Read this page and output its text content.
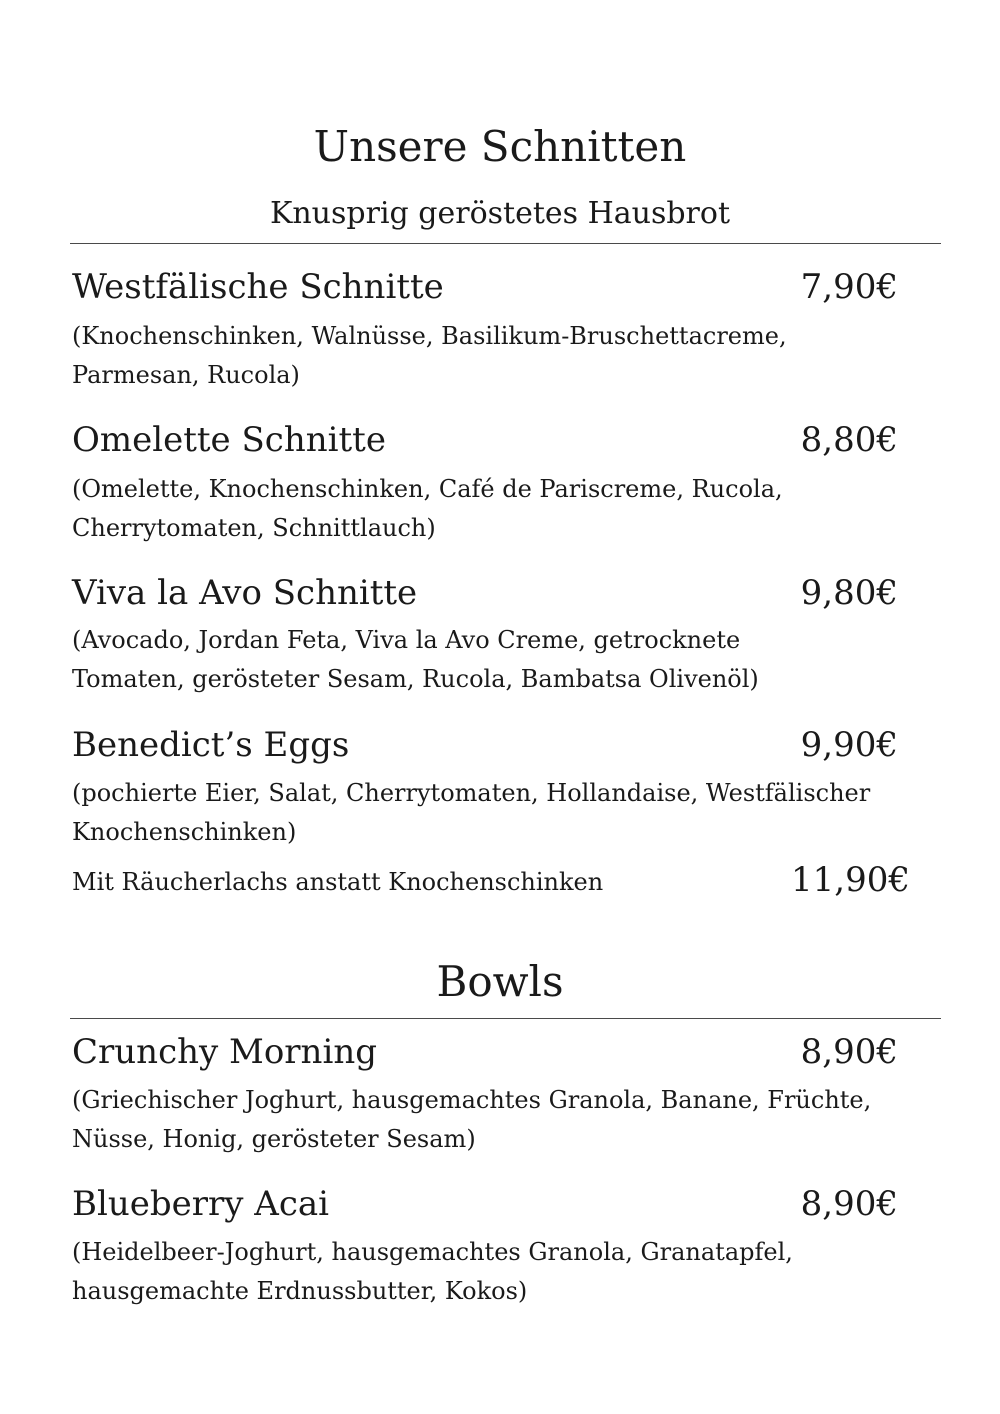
Unsere Schnitten
Knusprig geröstetes Hausbrot
Westfälische Schnitte	7,90€
(Knochenschinken, Walnüsse, Basilikum-Bruschettacreme,
Parmesan, Rucola)
Omelette Schnitte	8,80€
(Omelette, Knochenschinken, Café de Pariscreme, Rucola,
Cherrytomaten, Schnittlauch)
Viva la Avo Schnitte	9,80€
(Avocado, Jordan Feta, Viva la Avo Creme, getrocknete
Tomaten, gerösteter Sesam, Rucola, Bambatsa Olivenöl)
Benedict’s Eggs	9,90€
(pochierte Eier, Salat, Cherrytomaten, Hollandaise, Westfälischer
Knochenschinken)
Mit Räucherlachs anstatt Knochenschinken	11,90€
Bowls
Crunchy Morning	8,90€
(Griechischer Joghurt, hausgemachtes Granola, Banane, Früchte,
Nüsse, Honig, gerösteter Sesam)
Blueberry Acai	8,90€
(Heidelbeer-Joghurt, hausgemachtes Granola, Granatapfel,
hausgemachte Erdnussbutter, Kokos)
